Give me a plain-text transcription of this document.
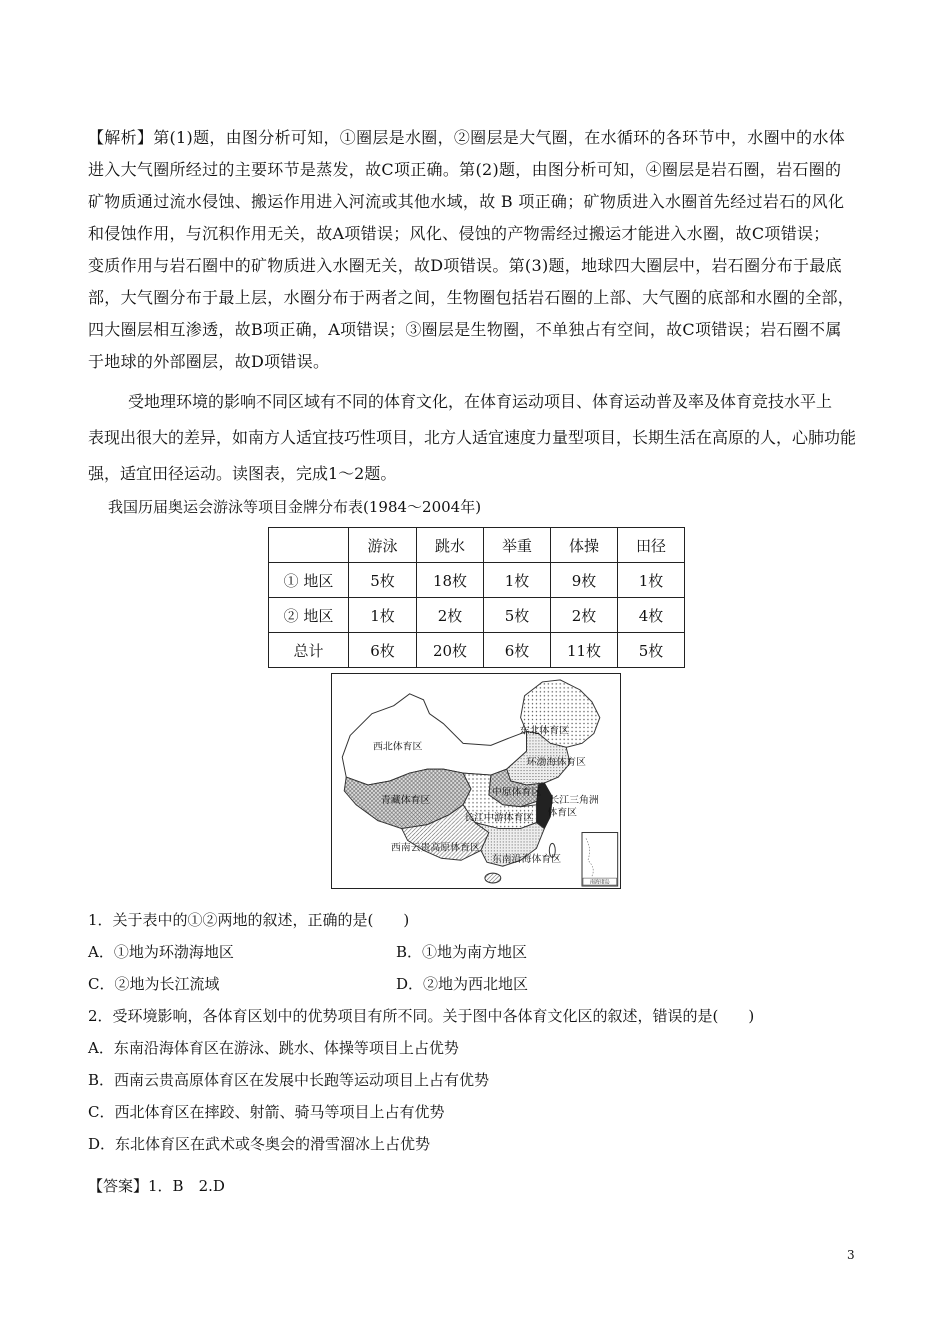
【解析】第(1)题，由图分析可知，①圈层是水圈，②圈层是大气圈，在水循环的各环节中，水圈中的水体

进入大气圈所经过的主要环节是蒸发，故C项正确。第(2)题，由图分析可知，④圈层是岩石圈，岩石圈的

矿物质通过流水侵蚀、搬运作用进入河流或其他水域，故 B 项正确；矿物质进入水圈首先经过岩石的风化

和侵蚀作用，与沉积作用无关，故A项错误；风化、侵蚀的产物需经过搬运才能进入水圈，故C项错误；

变质作用与岩石圈中的矿物质进入水圈无关，故D项错误。第(3)题，地球四大圈层中，岩石圈分布于最底

部，大气圈分布于最上层，水圈分布于两者之间，生物圈包括岩石圈的上部、大气圈的底部和水圈的全部，

四大圈层相互渗透，故B项正确，A项错误；③圈层是生物圈，不单独占有空间，故C项错误；岩石圈不属

于地球的外部圈层，故D项错误。

受地理环境的影响不同区域有不同的体育文化，在体育运动项目、体育运动普及率及体育竞技水平上

表现出很大的差异，如南方人适宜技巧性项目，北方人适宜速度力量型项目，长期生活在高原的人，心肺功能

强，适宜田径运动。读图表，完成1～2题。

我国历届奥运会游泳等项目金牌分布表(1984～2004年)

	游泳	跳水	举重	体操	田径
① 地区	5枚	18枚	1枚	9枚	1枚
② 地区	1枚	2枚	5枚	2枚	4枚
总计	6枚	20枚	6枚	11枚	5枚
南海诸岛
西北体育区
东北体育区
环渤海体育区
青藏体育区
中原体育区
长江三角洲
体育区
长江中游体育区
西南云贵高原体育区
东南沿海体育区

1．关于表中的①②两地的叙述，正确的是(　　)

A．①地为环渤海地区	B．①地为南方地区
C．②地为长江流域	D．②地为西北地区

2．受环境影响，各体育区划中的优势项目有所不同。关于图中各体育文化区的叙述，错误的是(　　)

A．东南沿海体育区在游泳、跳水、体操等项目上占优势

B．西南云贵高原体育区在发展中长跑等运动项目上占有优势

C．西北体育区在摔跤、射箭、骑马等项目上占有优势

D．东北体育区在武术或冬奥会的滑雪溜冰上占优势

【答案】1．B　2.D

3
